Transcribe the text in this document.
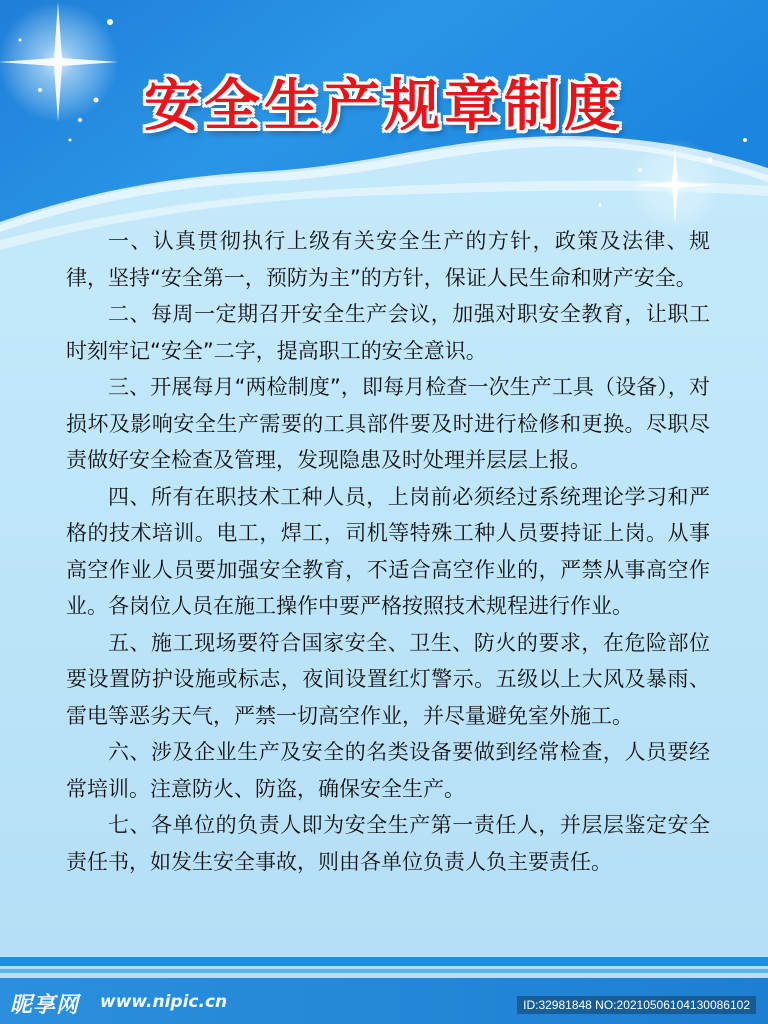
安全生产规章制度

一、认真贯彻执行上级有关安全生产的方针，政策及法律、规律，坚持“安全第一，预防为主”的方针，保证人民生命和财产安全。

二、每周一定期召开安全生产会议，加强对职安全教育，让职工时刻牢记“安全”二字，提高职工的安全意识。

三、开展每月“两检制度”，即每月检查一次生产工具（设备），对损坏及影响安全生产需要的工具部件要及时进行检修和更换。尽职尽责做好安全检查及管理，发现隐患及时处理并层层上报。

四、所有在职技术工种人员，上岗前必须经过系统理论学习和严格的技术培训。电工，焊工，司机等特殊工种人员要持证上岗。从事高空作业人员要加强安全教育，不适合高空作业的，严禁从事高空作业。各岗位人员在施工操作中要严格按照技术规程进行作业。

五、施工现场要符合国家安全、卫生、防火的要求，在危险部位要设置防护设施或标志，夜间设置红灯警示。五级以上大风及暴雨、雷电等恶劣天气，严禁一切高空作业，并尽量避免室外施工。

六、涉及企业生产及安全的名类设备要做到经常检查，人员要经常培训。注意防火、防盗，确保安全生产。

七、各单位的负责人即为安全生产第一责任人，并层层鉴定安全责任书，如发生安全事故，则由各单位负责人负主要责任。

昵享网 www.nipic.cn	ID:32981848 NO:20210506104130086102
